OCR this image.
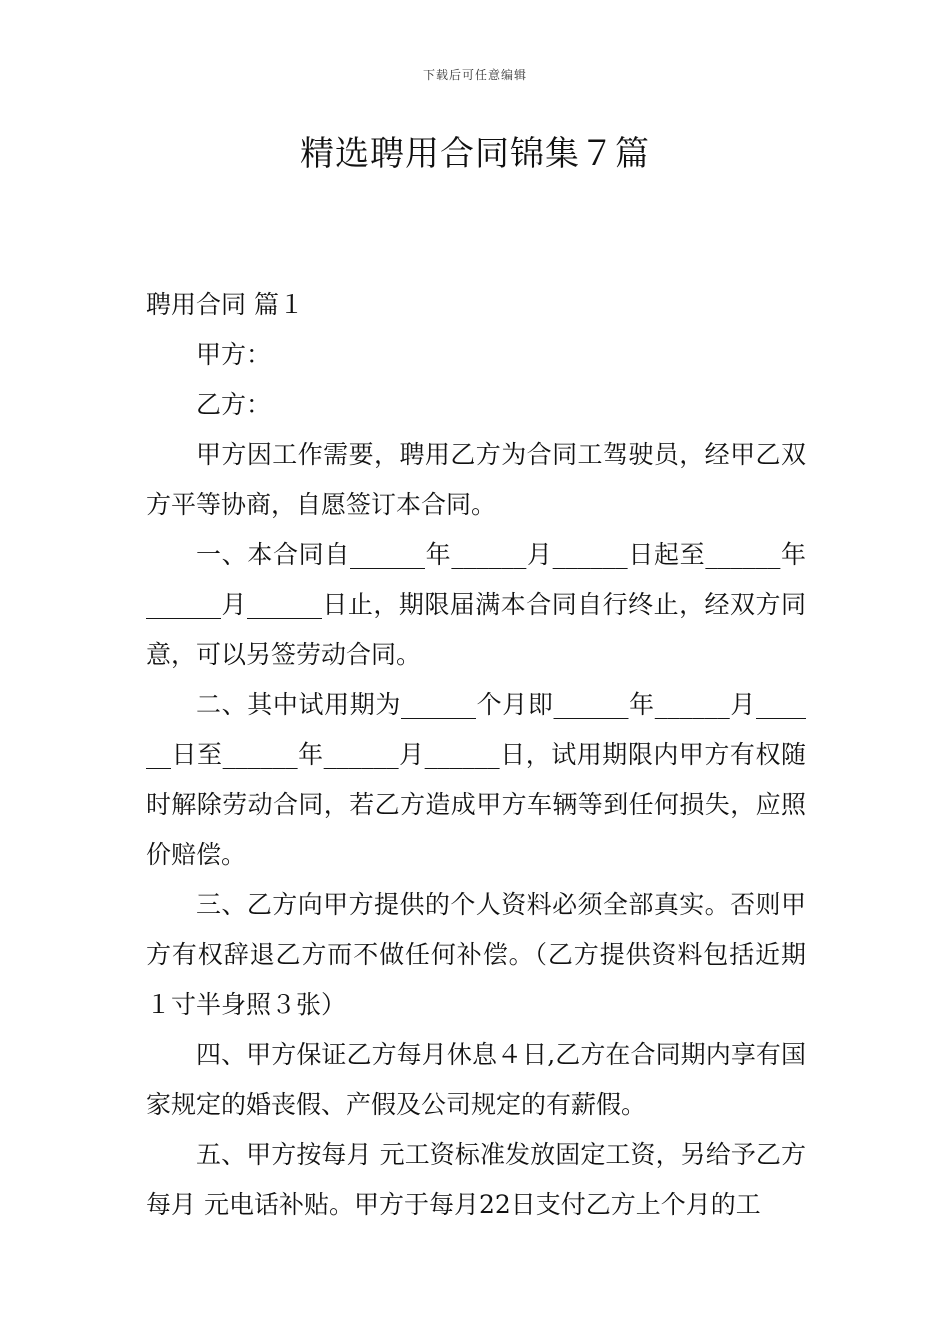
下载后可任意编辑
精选聘用合同锦集７篇
聘用合同 篇１

甲方：

乙方：

甲方因工作需要，聘用乙方为合同工驾驶员，经甲乙双方平等协商，自愿签订本合同。

一、本合同自______年______月______日起至______年______月______日止，期限届满本合同自行终止，经双方同意，可以另签劳动合同。

二、其中试用期为______个月即______年______月______日至______年______月______日，试用期限内甲方有权随时解除劳动合同，若乙方造成甲方车辆等到任何损失，应照价赔偿。

三、乙方向甲方提供的个人资料必须全部真实。否则甲方有权辞退乙方而不做任何补偿。（乙方提供资料包括近期１寸半身照３张）

四、甲方保证乙方每月休息４日,乙方在合同期内享有国家规定的婚丧假、产假及公司规定的有薪假。

五、甲方按每月 元工资标准发放固定工资，另给予乙方每月 元电话补贴。甲方于每月22日支付乙方上个月的工
